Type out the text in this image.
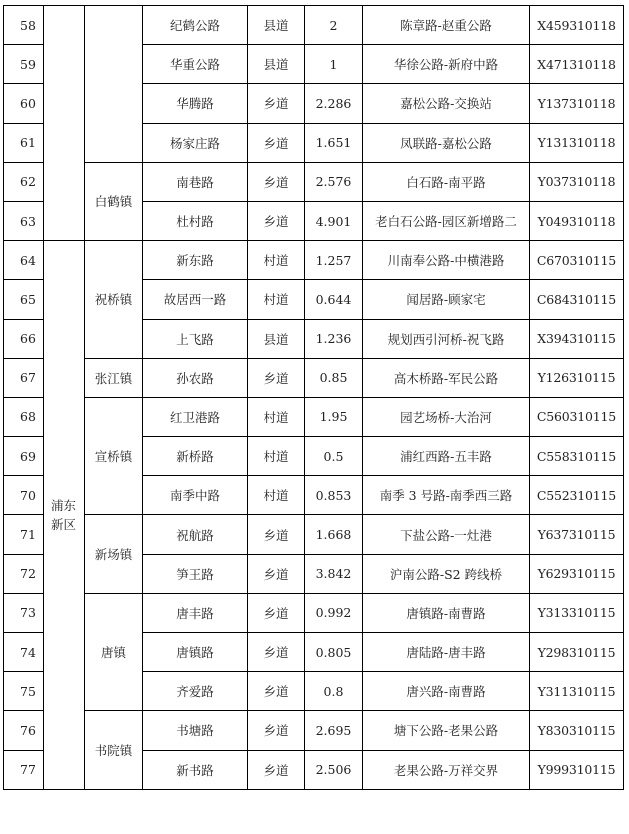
58			纪鹤公路	县道	2	陈章路-赵重公路	X459310118
59			华重公路	县道	1	华徐公路-新府中路	X471310118
60			华腾路	乡道	2.286	嘉松公路-交换站	Y137310118
61			杨家庄路	乡道	1.651	凤联路-嘉松公路	Y131310118
62		白鹤镇	南巷路	乡道	2.576	白石路-南平路	Y037310118
63			杜村路	乡道	4.901	老白石公路-园区新增路二	Y049310118
64	浦东新区	祝桥镇	新东路	村道	1.257	川南奉公路-中横港路	C670310115
65			故居西一路	村道	0.644	闻居路-顾家宅	C684310115
66			上飞路	县道	1.236	规划西引河桥-祝飞路	X394310115
67		张江镇	孙农路	乡道	0.85	高木桥路-军民公路	Y126310115
68		宣桥镇	红卫港路	村道	1.95	园艺场桥-大治河	C560310115
69			新桥路	村道	0.5	浦红西路-五丰路	C558310115
70			南季中路	村道	0.853	南季 3 号路-南季西三路	C552310115
71		新场镇	祝航路	乡道	1.668	下盐公路-一灶港	Y637310115
72			笋王路	乡道	3.842	沪南公路-S2 跨线桥	Y629310115
73		唐镇	唐丰路	乡道	0.992	唐镇路-南曹路	Y313310115
74			唐镇路	乡道	0.805	唐陆路-唐丰路	Y298310115
75			齐爱路	乡道	0.8	唐兴路-南曹路	Y311310115
76		书院镇	书塘路	乡道	2.695	塘下公路-老果公路	Y830310115
77			新书路	乡道	2.506	老果公路-万祥交界	Y999310115
